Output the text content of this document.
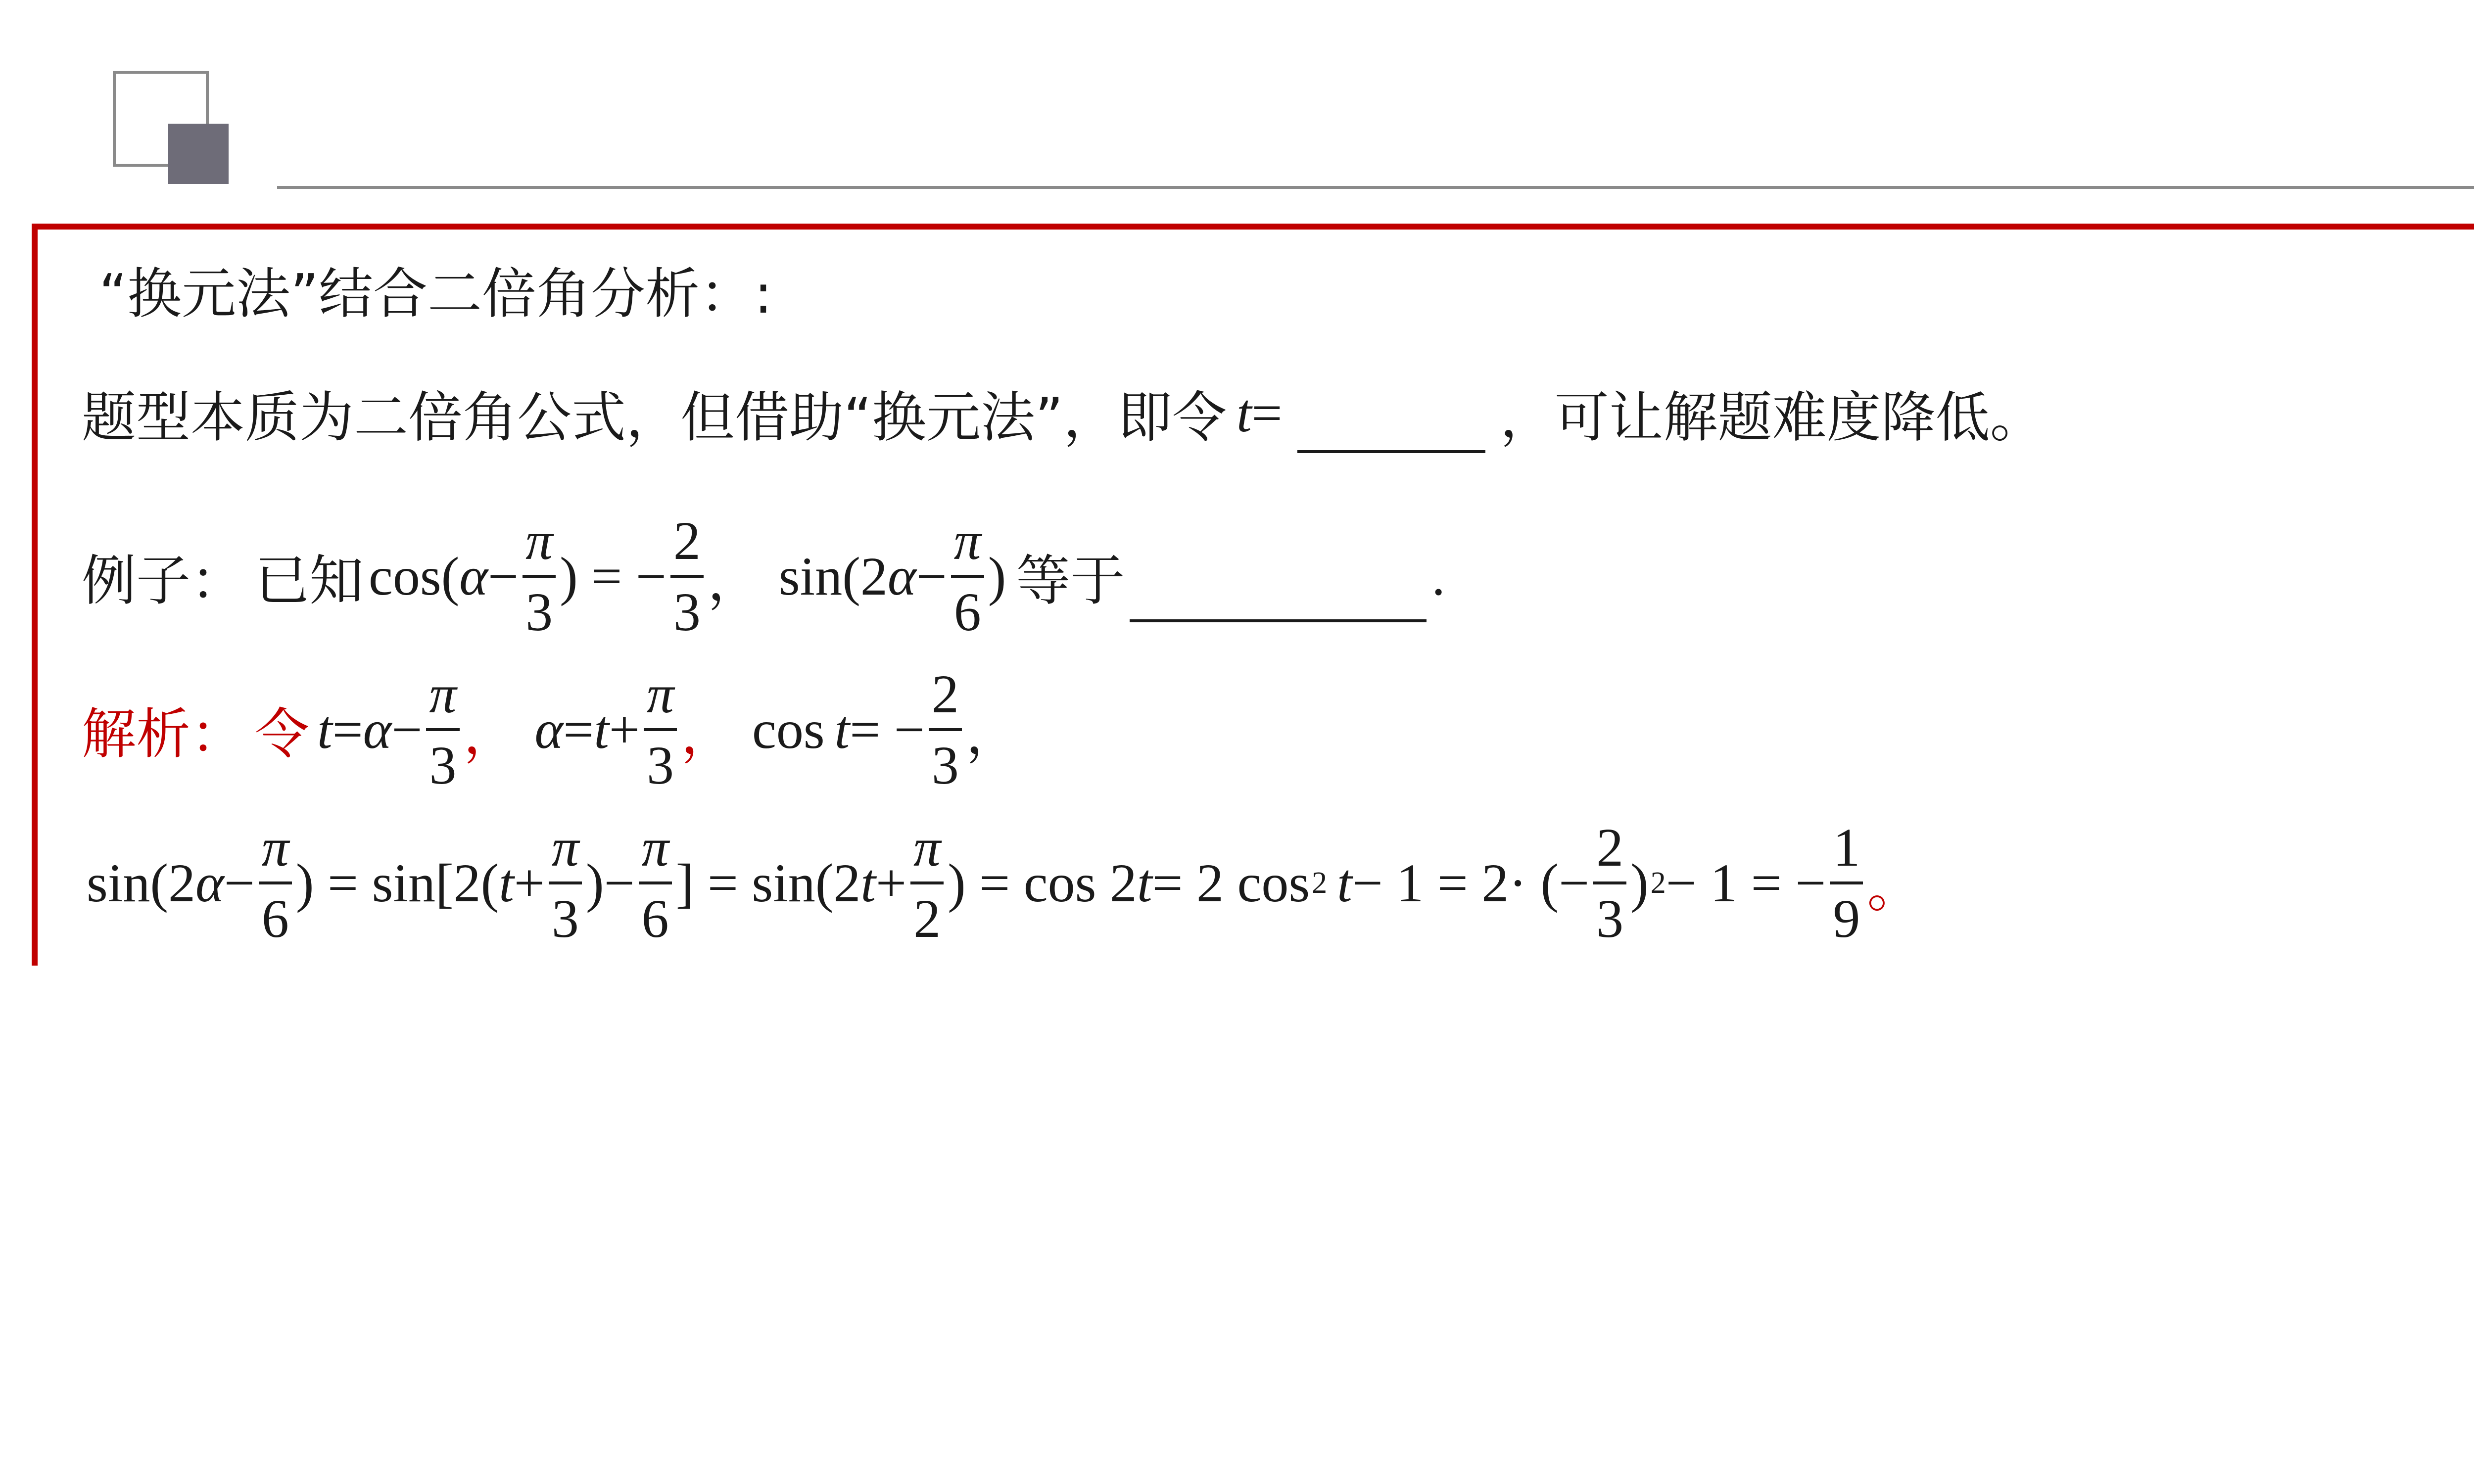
“换元法”结合二倍角分析：:
题型本质为二倍角公式，但借助“换元法”，即令 t =	，可让解题难度降低。
例子： 已知 cos( α −
π
3
) = −
2
3 ， sin(2 α −
π
6
) 等于	.
解析： 令 t = α −
π
3 ， α = t +
π
3 ， cos t = −
2
3
，
sin(2 α −
π
6
) = sin[2( t +
π
3
) −
π
6
] = sin(2 t +
π
2
) = cos 2 t = 2 cos 2 t − 1 = 2· (−
2
3
) 2 − 1 = −
1
9 。
